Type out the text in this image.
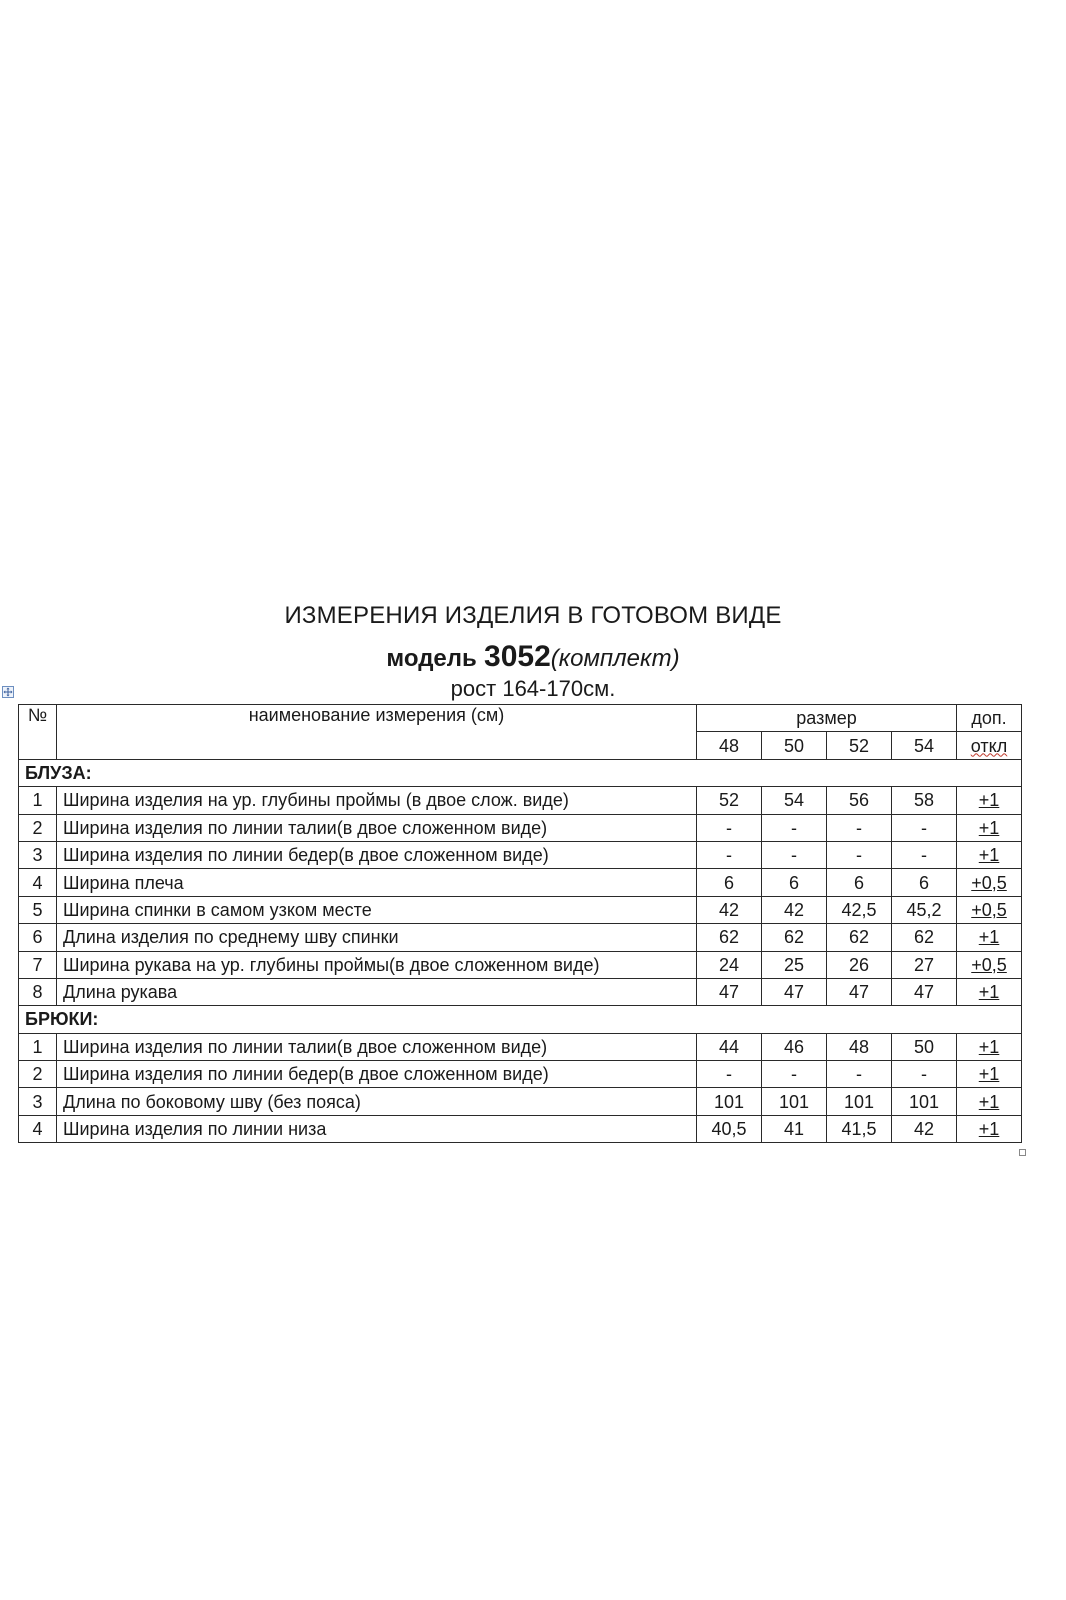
ИЗМЕРЕНИЯ ИЗДЕЛИЯ В ГОТОВОМ ВИДЕ
модель 3052(комплект)
рост 164-170см.
№	наименование измерения (см)	размер				доп.
		48	50	52	54	откл
БЛУЗА:						
1	Ширина изделия на ур. глубины проймы (в двое слож. виде)	52	54	56	58	+1
2	Ширина изделия по линии талии(в двое сложенном виде)	-	-	-	-	+1
3	Ширина изделия по линии бедер(в двое сложенном виде)	-	-	-	-	+1
4	Ширина плеча	6	6	6	6	+0,5
5	Ширина спинки в самом узком месте	42	42	42,5	45,2	+0,5
6	Длина изделия по среднему шву спинки	62	62	62	62	+1
7	Ширина рукава на ур. глубины проймы(в двое сложенном виде)	24	25	26	27	+0,5
8	Длина рукава	47	47	47	47	+1
БРЮКИ:						
1	Ширина изделия по линии талии(в двое сложенном виде)	44	46	48	50	+1
2	Ширина изделия по линии бедер(в двое сложенном виде)	-	-	-	-	+1
3	Длина по боковому шву (без пояса)	101	101	101	101	+1
4	Ширина изделия по линии низа	40,5	41	41,5	42	+1
